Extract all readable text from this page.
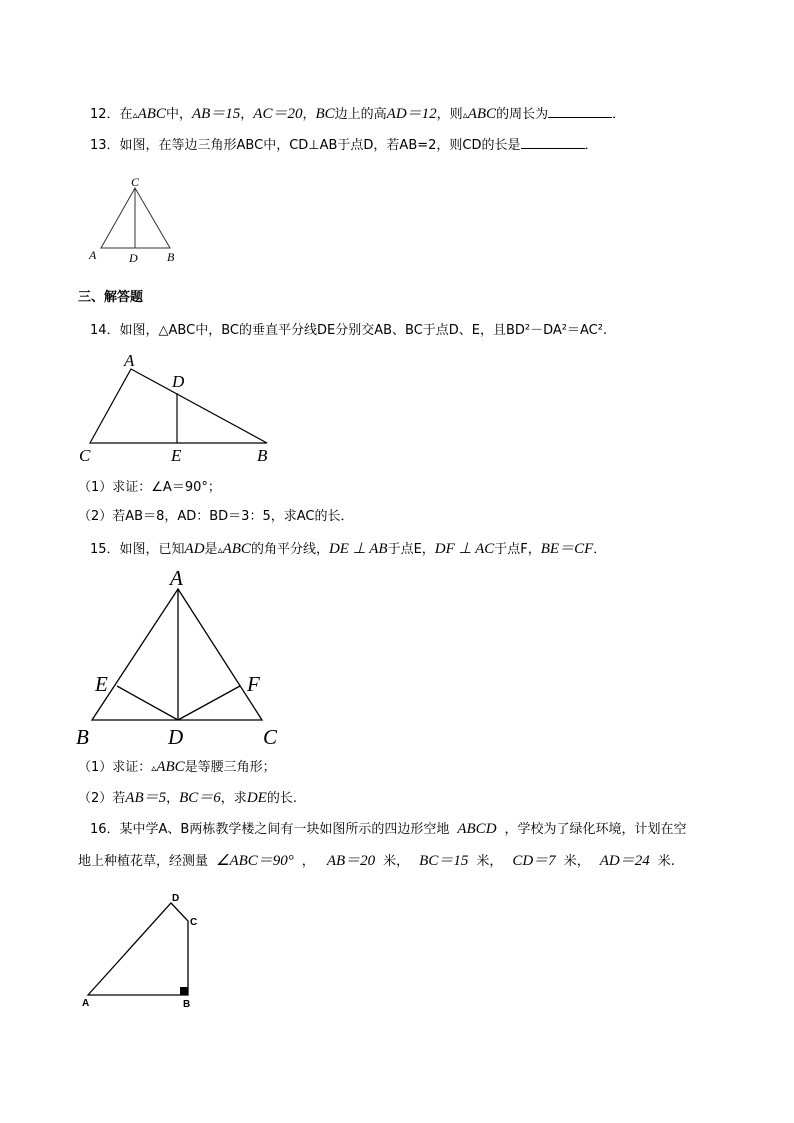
12．在▵ABC中，AB＝15，AC＝20，BC边上的高AD＝12，则▵ABC的周长为	．
13．如图，在等边三角形ABC中，CD⊥AB于点D，若AB=2，则CD的长是	．
C
A	D B
三、解答题
14．如图，△ABC中，BC的垂直平分线DE分别交AB、BC于点D、E，且BD²－DA²＝AC².
A
D
C	E	B
（1）求证：∠A＝90°；
（2）若AB＝8，AD：BD＝3：5，求AC的长．
15．如图，已知AD是▵ABC的角平分线，DE ⊥ AB于点E，DF ⊥ AC于点F，BE＝CF．
A
E	F
B	D	C
（1）求证：▵ABC是等腰三角形；
（2）若AB＝5，BC＝6，求DE的长.
16．某中学A、B两栋教学楼之间有一块如图所示的四边形空地 ABCD ，学校为了绿化环境，计划在空
地上种植花草，经测量 ∠ABC＝90° ， AB＝20 米， BC＝15 米， CD＝7 米， AD＝24 米.
D
C
A	B
